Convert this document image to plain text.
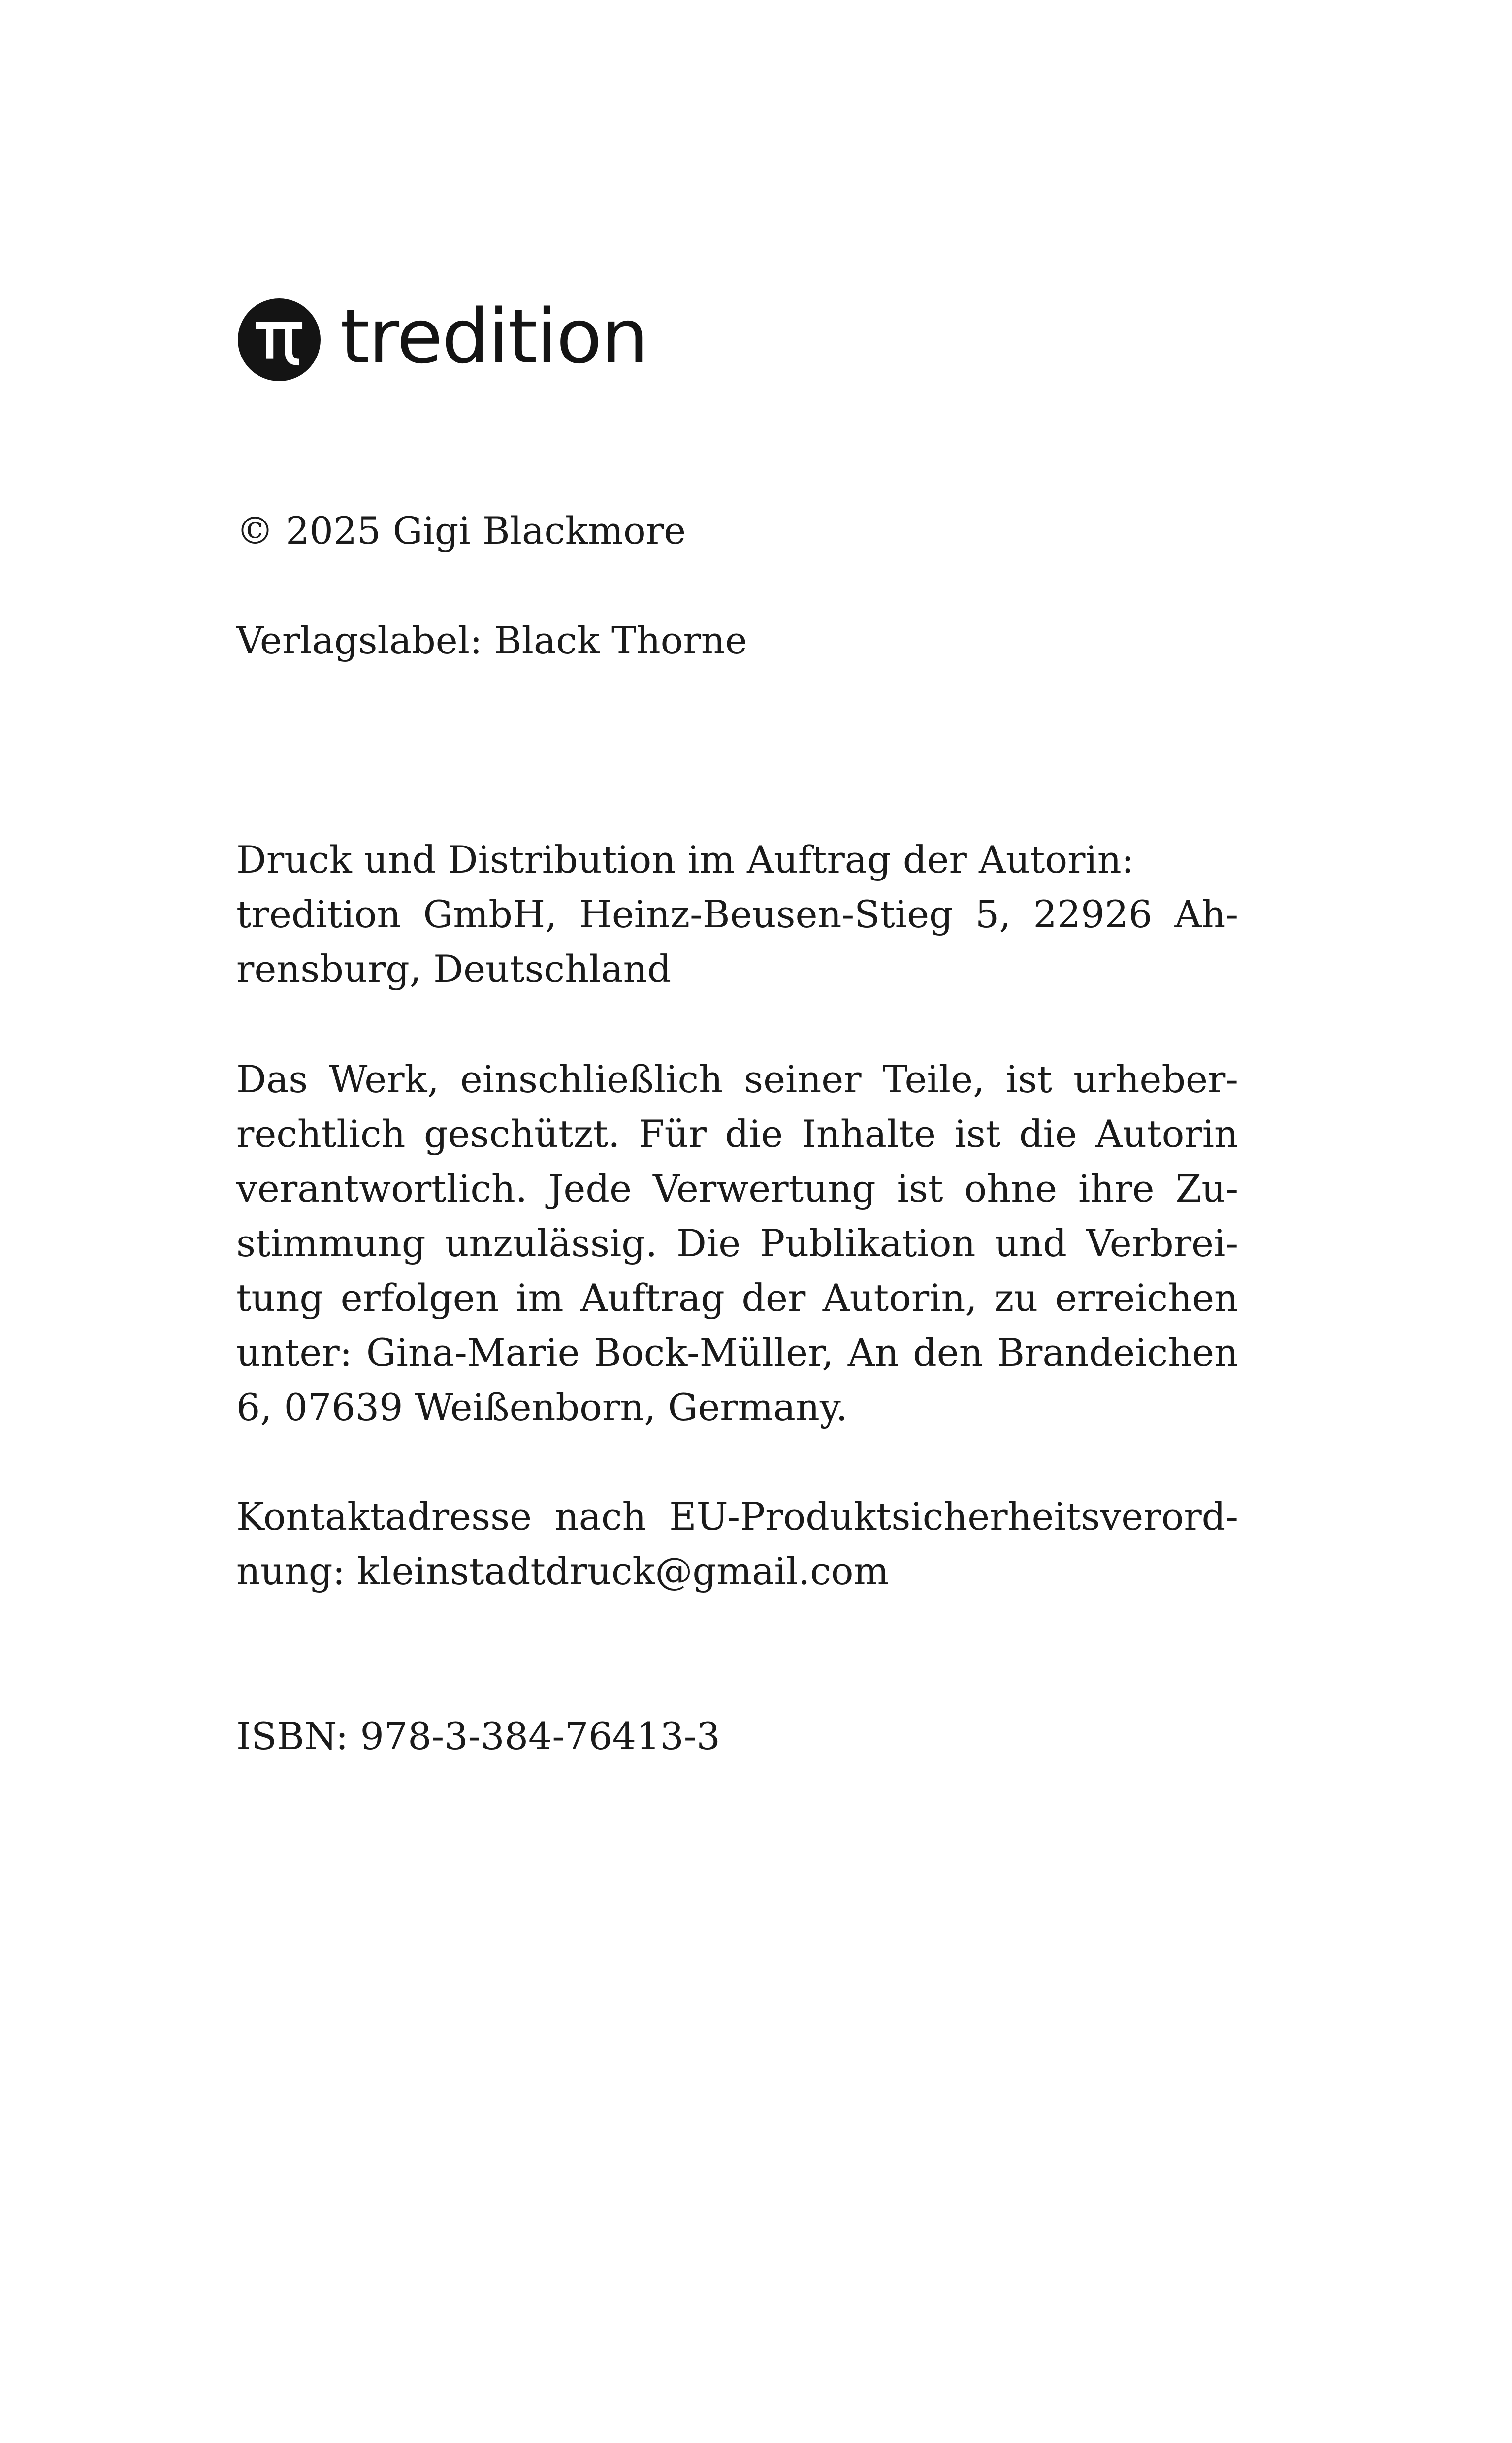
tredition
© 2025 Gigi Blackmore
Verlagslabel: Black Thorne
Druck und Distribution im Auftrag der Autorin:
tredition GmbH, Heinz-Beusen-Stieg 5, 22926 Ah-
rensburg, Deutschland
Das Werk, einschließlich seiner Teile, ist urheber-
rechtlich geschützt. Für die Inhalte ist die Autorin
verantwortlich. Jede Verwertung ist ohne ihre Zu-
stimmung unzulässig. Die Publikation und Verbrei-
tung erfolgen im Auftrag der Autorin, zu erreichen
unter: Gina-Marie Bock-Müller, An den Brandeichen
6, 07639 Weißenborn, Germany.
Kontaktadresse nach EU-Produktsicherheitsverord-
nung: kleinstadtdruck@gmail.com
ISBN: 978-3-384-76413-3
